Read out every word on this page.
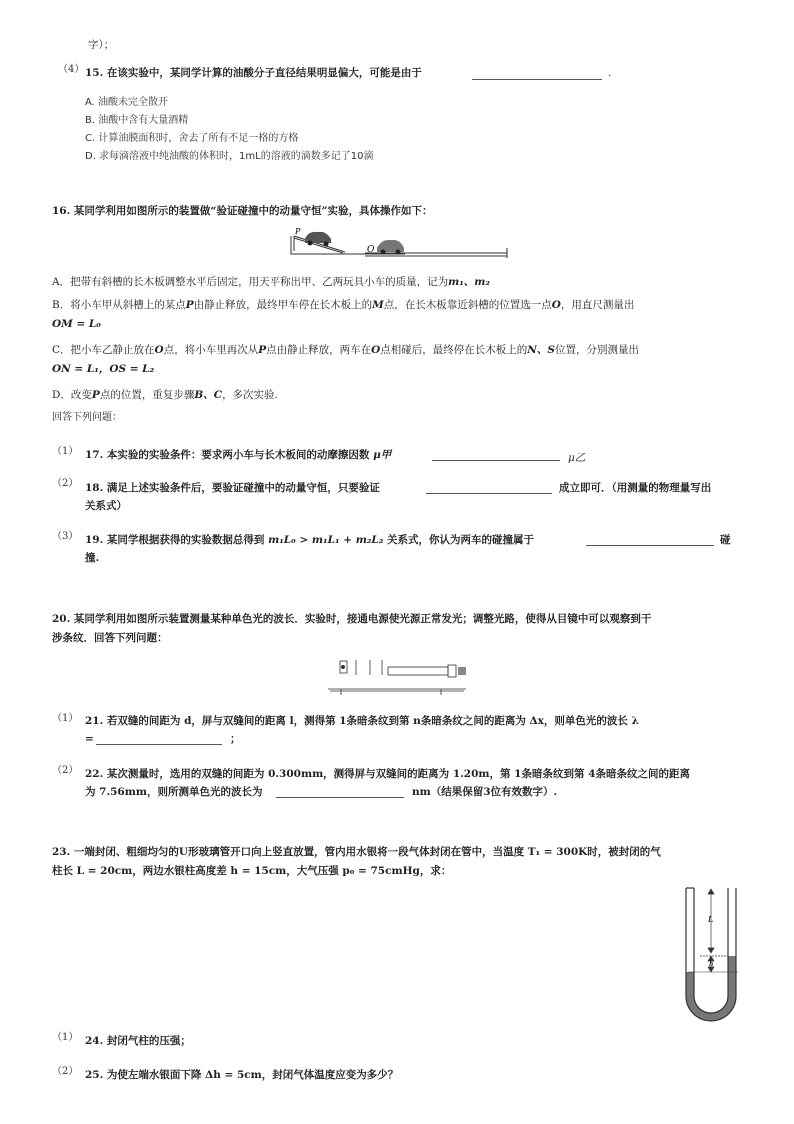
字）；
（4） 15. 在该实验中，某同学计算的油酸分子直径结果明显偏大，可能是由于	.
A. 油酸未完全散开
B. 油酸中含有大量酒精
C. 计算油膜面积时，舍去了所有不足一格的方格
D. 求每滴溶液中纯油酸的体积时，1mL的溶液的滴数多记了10滴
16. 某同学利用如图所示的装置做“验证碰撞中的动量守恒”实验，具体操作如下：
P
O
A．把带有斜槽的长木板调整水平后固定，用天平称出甲、乙两玩具小车的质量，记为m₁、m₂
B．将小车甲从斜槽上的某点P由静止释放，最终甲车停在长木板上的M点，在长木板靠近斜槽的位置选一点O，用直尺测量出
OM = L₀
C．把小车乙静止放在O点，将小车里再次从P点由静止释放，两车在O点相碰后，最终停在长木板上的N、S位置，分别测量出
ON = L₁，OS = L₂
D．改变P点的位置，重复步骤B、C，多次实验.
回答下列问题：
（1） 17. 本实验的实验条件：要求两小车与长木板间的动摩擦因数 μ甲	μ乙
（2） 18. 满足上述实验条件后，要验证碰撞中的动量守恒，只要验证	成立即可．（用测量的物理量写出
关系式）
（3） 19. 某同学根据获得的实验数据总得到 m₁L₀ > m₁L₁ + m₂L₂ 关系式，你认为两车的碰撞属于	碰
撞.
20. 某同学利用如图所示装置测量某种单色光的波长．实验时，接通电源使光源正常发光；调整光路，使得从目镜中可以观察到干
涉条纹．回答下列问题：
（1） 21. 若双缝的间距为 d，屏与双缝间的距离 l，测得第 1条暗条纹到第 n条暗条纹之间的距离为 Δx，则单色光的波长 λ
=	；
（2） 22. 某次测量时，选用的双缝的间距为 0.300mm，测得屏与双缝间的距离为 1.20m，第 1条暗条纹到第 4条暗条纹之间的距离
为 7.56mm，则所测单色光的波长为	nm（结果保留3位有效数字）.
23. 一端封闭、粗细均匀的U形玻璃管开口向上竖直放置，管内用水银将一段气体封闭在管中，当温度 T₁ = 300K时，被封闭的气
柱长 L = 20cm，两边水银柱高度差 h = 15cm，大气压强 p₀ = 75cmHg，求：
L
h
（1） 24. 封闭气柱的压强；
（2） 25. 为使左端水银面下降 Δh = 5cm，封闭气体温度应变为多少？
